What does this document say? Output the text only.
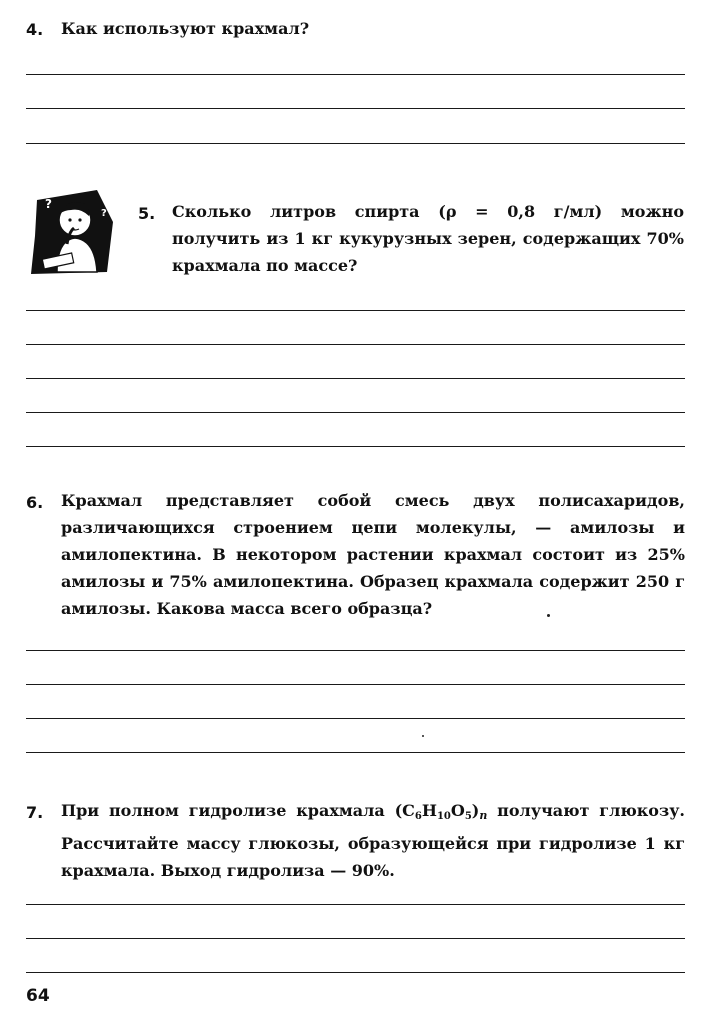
4. Как используют крахмал?
?
? 5. Сколько литров спирта (ρ = 0,8 г/мл) можно получить из 1 кг кукурузных зерен, содержащих 70% крахмала по массе?
6. Крахмал представляет собой смесь двух полисахаридов, различающихся строением цепи молекулы, — амилозы и амилопектина. В некотором растении крахмал состоит из 25% амилозы и 75% амилопектина. Образец крахмала содержит 250 г амилозы. Какова масса всего образца?
7. При полном гидролизе крахмала $(C_6H_{10}O_5)n$ получают глюкозу. Рассчитайте массу глюкозы, образующейся при гидролизе 1 кг крахмала. Выход гидролиза — 90%.
64
